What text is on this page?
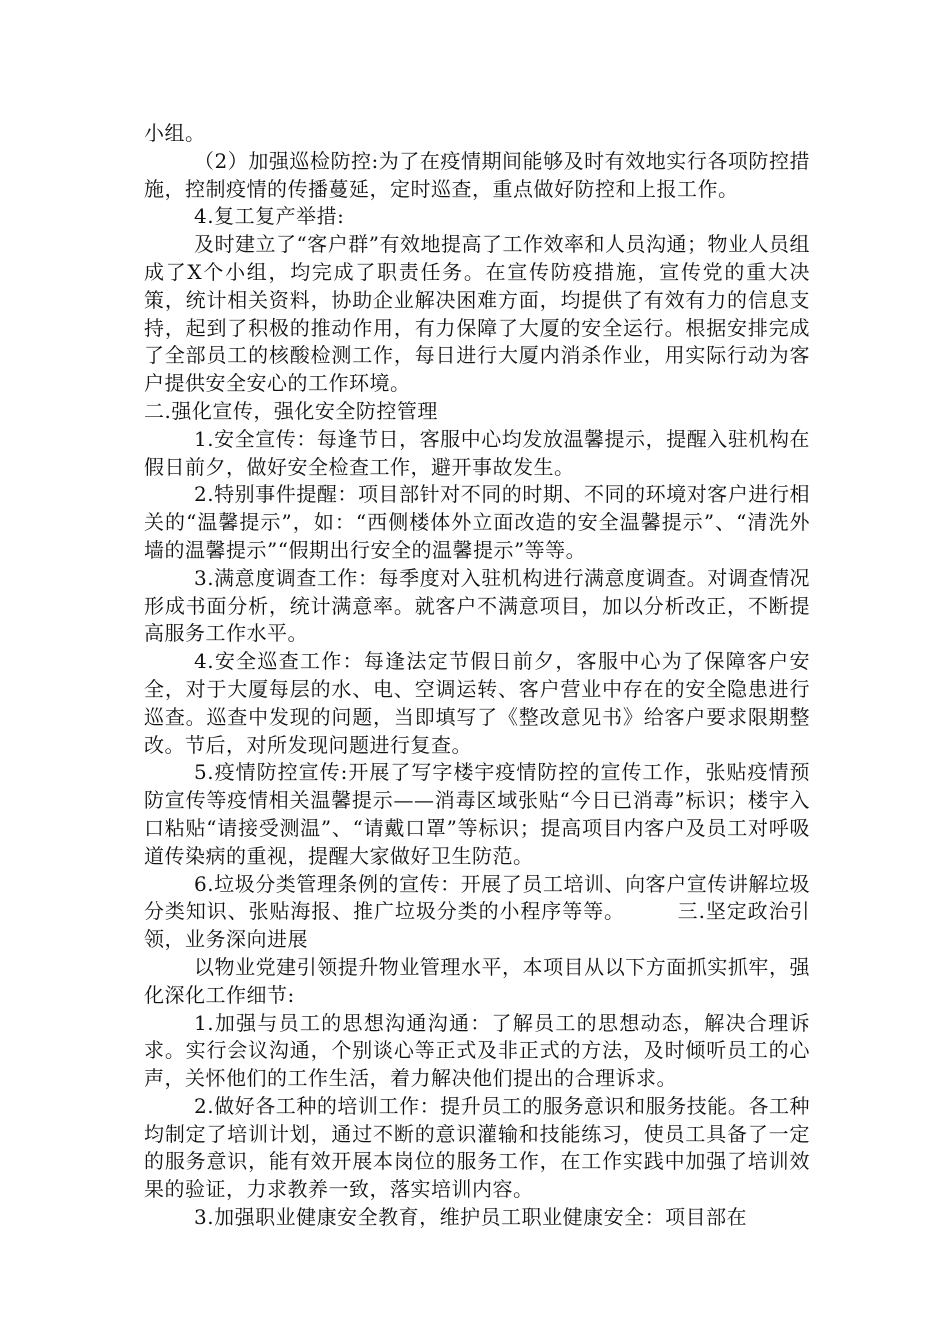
小组。

（2）加强巡检防控:为了在疫情期间能够及时有效地实行各项防控措施，控制疫情的传播蔓延，定时巡查，重点做好防控和上报工作。

4.复工复产举措:

及时建立了“客户群”有效地提高了工作效率和人员沟通；物业人员组成了X个小组，均完成了职责任务。在宣传防疫措施，宣传党的重大决策，统计相关资料，协助企业解决困难方面，均提供了有效有力的信息支持，起到了积极的推动作用，有力保障了大厦的安全运行。根据安排完成了全部员工的核酸检测工作，每日进行大厦内消杀作业，用实际行动为客户提供安全安心的工作环境。

二.强化宣传，强化安全防控管理

1.安全宣传：每逢节日，客服中心均发放温馨提示，提醒入驻机构在假日前夕，做好安全检查工作，避开事故发生。

2.特别事件提醒：项目部针对不同的时期、不同的环境对客户进行相关的“温馨提示”，如：“西侧楼体外立面改造的安全温馨提示”、“清洗外墙的温馨提示”“假期出行安全的温馨提示”等等。

3.满意度调查工作：每季度对入驻机构进行满意度调查。对调查情况形成书面分析，统计满意率。就客户不满意项目，加以分析改正，不断提高服务工作水平。

4.安全巡查工作：每逢法定节假日前夕，客服中心为了保障客户安全，对于大厦每层的水、电、空调运转、客户营业中存在的安全隐患进行巡查。巡查中发现的问题，当即填写了《整改意见书》给客户要求限期整改。节后，对所发现问题进行复查。

5.疫情防控宣传:开展了写字楼宇疫情防控的宣传工作，张贴疫情预防宣传等疫情相关温馨提示——消毒区域张贴“今日已消毒”标识；楼宇入口粘贴“请接受测温”、“请戴口罩”等标识；提高项目内客户及员工对呼吸道传染病的重视，提醒大家做好卫生防范。

6.垃圾分类管理条例的宣传：开展了员工培训、向客户宣传讲解垃圾分类知识、张贴海报、推广垃圾分类的小程序等等。　　　三.坚定政治引领，业务深向进展

以物业党建引领提升物业管理水平，本项目从以下方面抓实抓牢，强化深化工作细节:

1.加强与员工的思想沟通沟通：了解员工的思想动态，解决合理诉求。实行会议沟通，个别谈心等正式及非正式的方法，及时倾听员工的心声，关怀他们的工作生活，着力解决他们提出的合理诉求。

2.做好各工种的培训工作：提升员工的服务意识和服务技能。各工种均制定了培训计划，通过不断的意识灌输和技能练习，使员工具备了一定的服务意识，能有效开展本岗位的服务工作，在工作实践中加强了培训效果的验证，力求教养一致，落实培训内容。

3.加强职业健康安全教育，维护员工职业健康安全：项目部在
